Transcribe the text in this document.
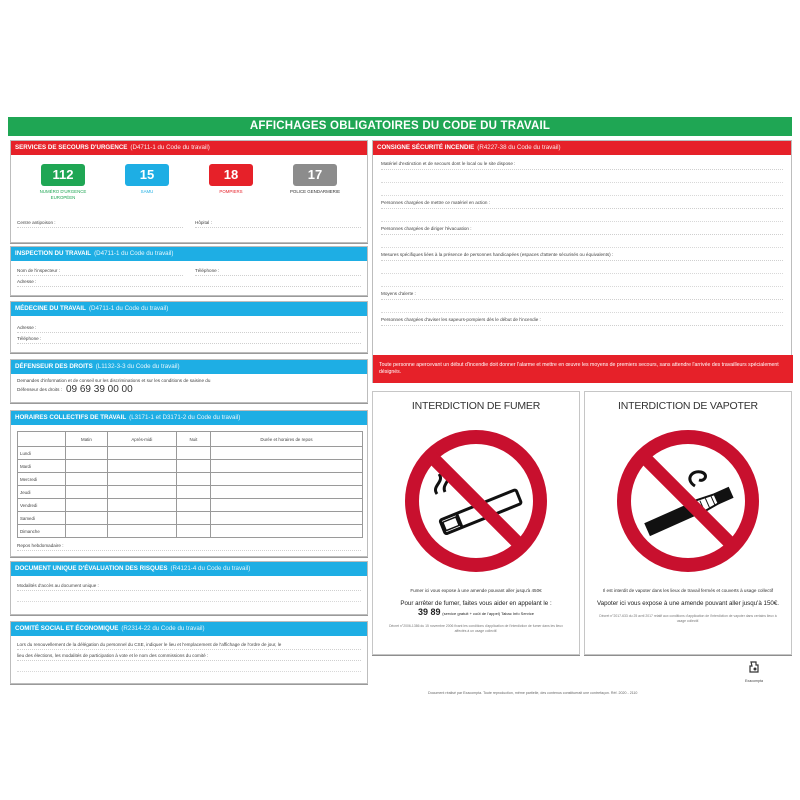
AFFICHAGES OBLIGATOIRES DU CODE DU TRAVAIL
SERVICES DE SECOURS D'URGENCE (D4711-1 du Code du travail)
112
NUMÉRO D'URGENCE EUROPÉEN
15
SAMU
18
POMPIERS
17
POLICE GENDARMERIE
Centre antipoison :	Hôpital :
INSPECTION DU TRAVAIL (D4711-1 du Code du travail)
Nom de l'inspecteur :	Téléphone :
Adresse :
MÉDECINE DU TRAVAIL (D4711-1 du Code du travail)
Adresse :
Téléphone :
DÉFENSEUR DES DROITS (L1132-3-3 du Code du travail)
Demandes d'information et de conseil sur les discriminations et sur les conditions de saisine du
Défenseur des droits : 09 69 39 00 00
HORAIRES COLLECTIFS DE TRAVAIL (L3171-1 et D3171-2 du Code du travail)
	Matin	Après-midi	Nuit	Durée et horaires de repos
Lundi				
Mardi				
Mercredi				
Jeudi				
Vendredi				
Samedi				
Dimanche				
Repos hebdomadaire :
DOCUMENT UNIQUE D'ÉVALUATION DES RISQUES (R4121-4 du Code du travail)
Modalités d'accès au document unique :
COMITÉ SOCIAL ET ÉCONOMIQUE (R2314-22 du Code du travail)
Lors du renouvellement de la délégation du personnel du CSE, indiquer le lieu et l'emplacement de l'affichage de l'ordre de jour, le
lieu des élections, les modalités de participation à vote et le nom des commissions du comité :
CONSIGNE SÉCURITÉ INCENDIE (R4227-38 du Code du travail)
Matériel d'extinction et de secours dont le local ou le site dispose :
Personnes chargées de mettre ce matériel en action :
Personnes chargées de diriger l'évacuation :
Mesures spécifiques liées à la présence de personnes handicapées (espaces d'attente sécurisés ou équivalents) :
Moyens d'alerte :
Personnes chargées d'aviser les sapeurs-pompiers dès le début de l'incendie :
Toute personne apercevant un début d'incendie doit donner l'alarme et mettre en œuvre les moyens de premiers secours, sans attendre l'arrivée des travailleurs spécialement désignés.
INTERDICTION DE FUMER
Fumer ici vous expose à une amende pouvant aller jusqu'à 450€
Pour arrêter de fumer, faites vous aider en appelant le :
39 89 (service gratuit + coût de l'appel) Tabac Info Service
Décret n°2006-1386 du 15 novembre 2006 fixant les conditions d'application de l'interdiction de fumer dans les lieux affectés à un usage collectif.
INTERDICTION DE VAPOTER
Il est interdit de vapoter dans les lieux de travail fermés et couverts à usage collectif
Vapoter ici vous expose à une amende pouvant aller jusqu'à 150€.
Décret n°2017-633 du 25 avril 2017 relatif aux conditions d'application de l'interdiction de vapoter dans certains lieux à usage collectif.
Document réalisé par Exacompta. Toute reproduction, même partielle, des contenus constituerait une contrefaçon. Réf. 2020 - 2110
Exacompta
